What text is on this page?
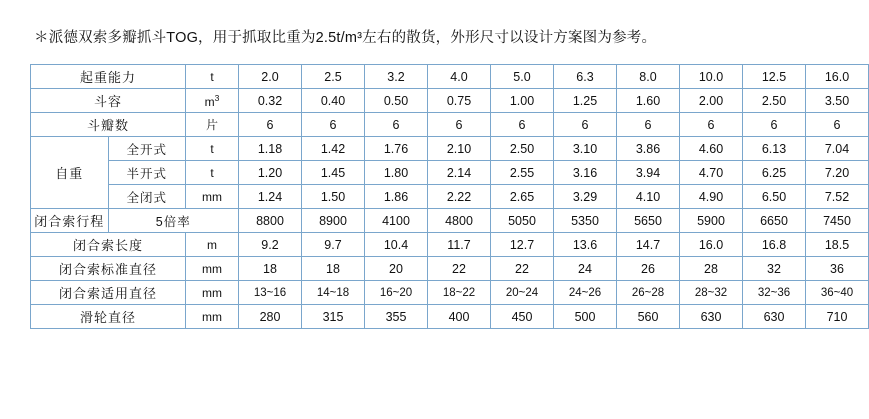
＊派德双索多瓣抓斗TOG，用于抓取比重为2.5t/m³左右的散货，外形尺寸以设计方案图为参考。

起重能力		t	2.0	2.5	3.2	4.0	5.0	6.3	8.0	10.0	12.5	16.0
斗容		$m^3$	0.32	0.40	0.50	0.75	1.00	1.25	1.60	2.00	2.50	3.50
斗瓣数		片	6	6	6	6	6	6	6	6	6	6
自重	全开式	t	1.18	1.42	1.76	2.10	2.50	3.10	3.86	4.60	6.13	7.04
	半开式	t	1.20	1.45	1.80	2.14	2.55	3.16	3.94	4.70	6.25	7.20
	全闭式	mm	1.24	1.50	1.86	2.22	2.65	3.29	4.10	4.90	6.50	7.52
闭合索行程	5倍率		8800	8900	4100	4800	5050	5350	5650	5900	6650	7450
闭合索长度		m	9.2	9.7	10.4	11.7	12.7	13.6	14.7	16.0	16.8	18.5
闭合索标准直径		mm	18	18	20	22	22	24	26	28	32	36
闭合索适用直径		mm	13~16	14~18	16~20	18~22	20~24	24~26	26~28	28~32	32~36	36~40
滑轮直径		mm	280	315	355	400	450	500	560	630	630	710
